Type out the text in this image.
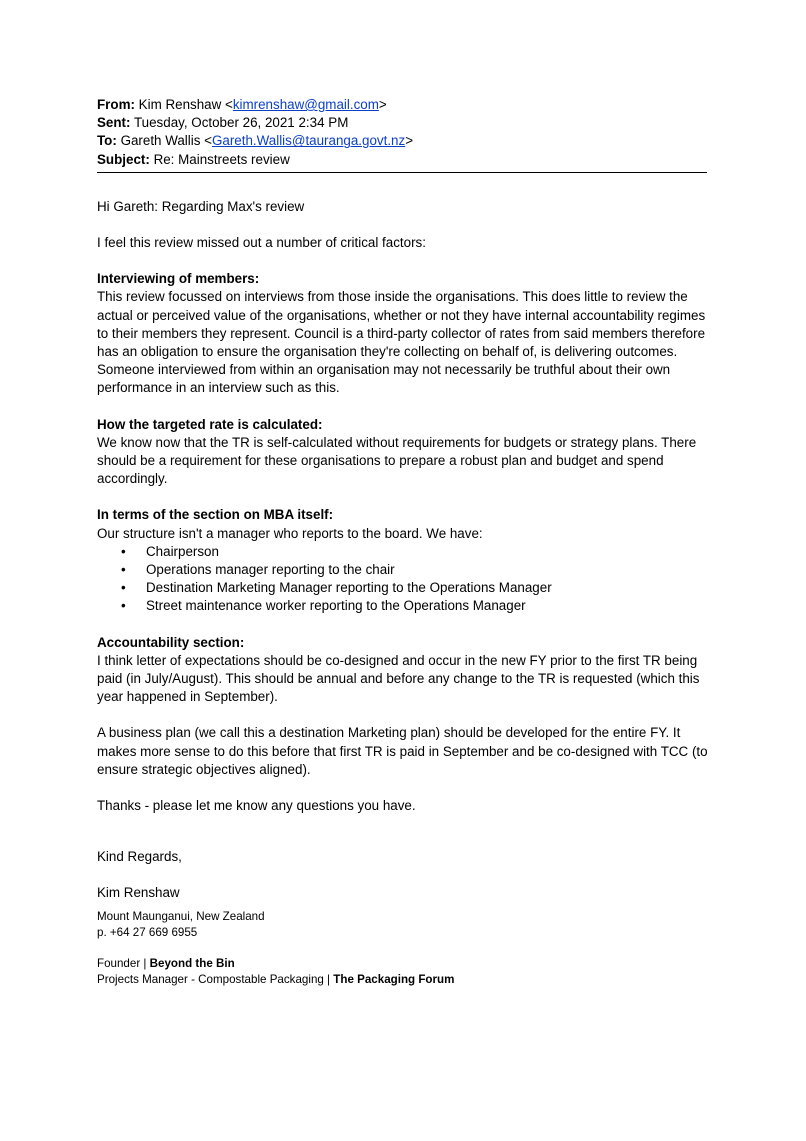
From: Kim Renshaw <kimrenshaw@gmail.com>
Sent: Tuesday, October 26, 2021 2:34 PM
To: Gareth Wallis <Gareth.Wallis@tauranga.govt.nz>
Subject: Re: Mainstreets review

Hi Gareth: Regarding Max's review

I feel this review missed out a number of critical factors:

Interviewing of members:

This review focussed on interviews from those inside the organisations. This does little to review the actual or perceived value of the organisations, whether or not they have internal accountability regimes to their members they represent. Council is a third-party collector of rates from said members therefore has an obligation to ensure the organisation they're collecting on behalf of, is delivering outcomes. Someone interviewed from within an organisation may not necessarily be truthful about their own performance in an interview such as this.

How the targeted rate is calculated:

We know now that the TR is self-calculated without requirements for budgets or strategy plans. There should be a requirement for these organisations to prepare a robust plan and budget and spend accordingly.

In terms of the section on MBA itself:

Our structure isn't a manager who reports to the board. We have:

• Chairperson
• Operations manager reporting to the chair
• Destination Marketing Manager reporting to the Operations Manager
• Street maintenance worker reporting to the Operations Manager

Accountability section:

I think letter of expectations should be co-designed and occur in the new FY prior to the first TR being paid (in July/August). This should be annual and before any change to the TR is requested (which this year happened in September).

A business plan (we call this a destination Marketing plan) should be developed for the entire FY. It makes more sense to do this before that first TR is paid in September and be co-designed with TCC (to ensure strategic objectives aligned).

Thanks - please let me know any questions you have.

Kind Regards,

Kim Renshaw

Mount Maunganui, New Zealand

p. +64 27 669 6955

Founder | Beyond the Bin

Projects Manager - Compostable Packaging | The Packaging Forum
